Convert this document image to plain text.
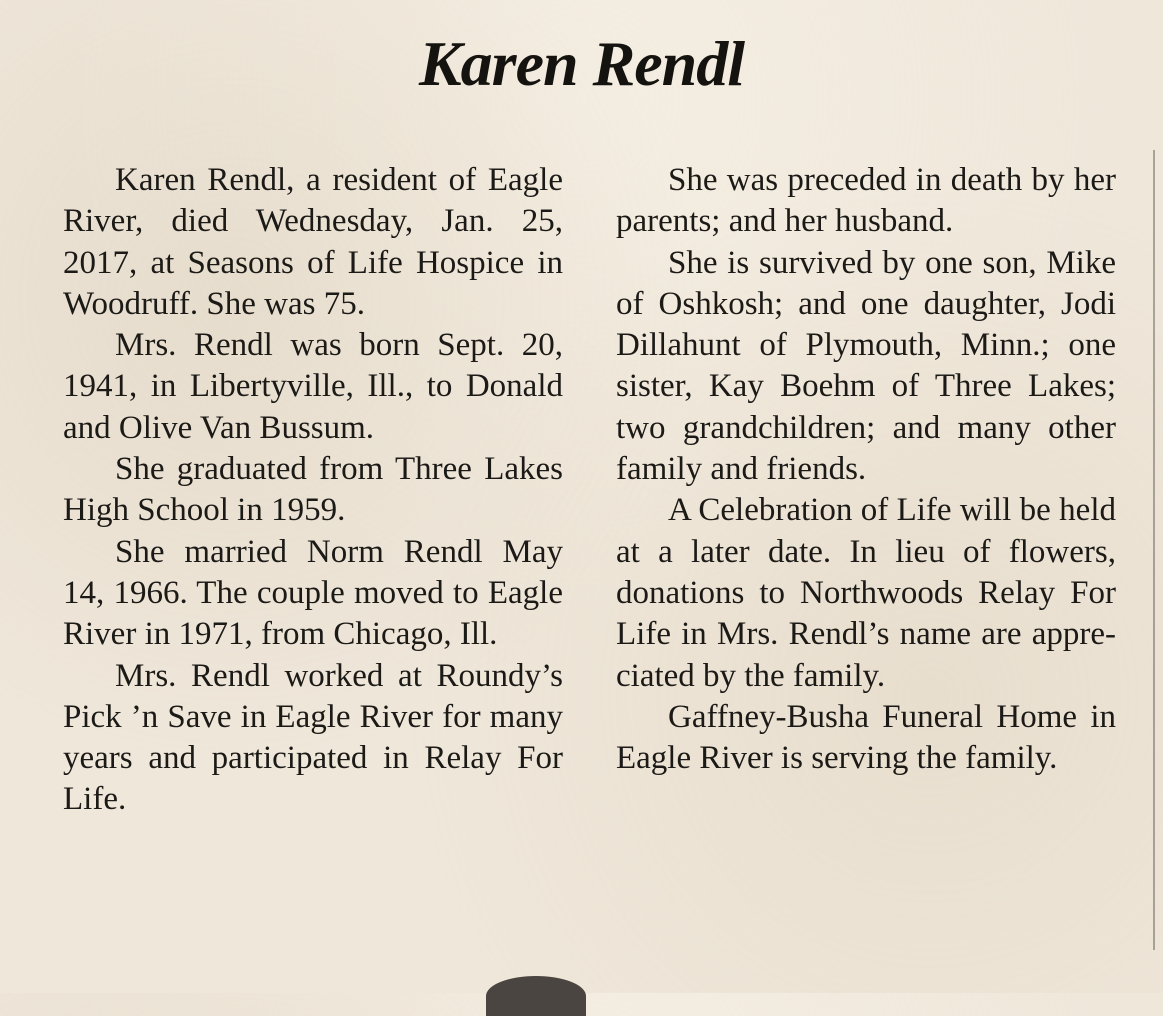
Karen Rendl

Karen Rendl, a resident of Eagle River, died Wednesday, Jan. 25, 2017, at Seasons of Life Hospice in Woodruff. She was 75.

Mrs. Rendl was born Sept. 20, 1941, in Libertyville, Ill., to Donald and Olive Van Bussum.

She graduated from Three Lakes High School in 1959.

She married Norm Rendl May 14, 1966. The couple moved to Eagle River in 1971, from Chicago, Ill.

Mrs. Rendl worked at Roundy’s Pick ’n Save in Eagle River for many years and participated in Relay For Life.

She was preceded in death by her parents; and her husband.

She is survived by one son, Mike of Oshkosh; and one daughter, Jodi Dillahunt of Plymouth, Minn.; one sister, Kay Boehm of Three Lakes; two grandchildren; and many other family and friends.

A Celebration of Life will be held at a later date. In lieu of flowers, donations to Northwoods Relay For Life in Mrs. Rendl’s name are appreciated by the family.

Gaffney-Busha Funeral Home in Eagle River is serving the family.
